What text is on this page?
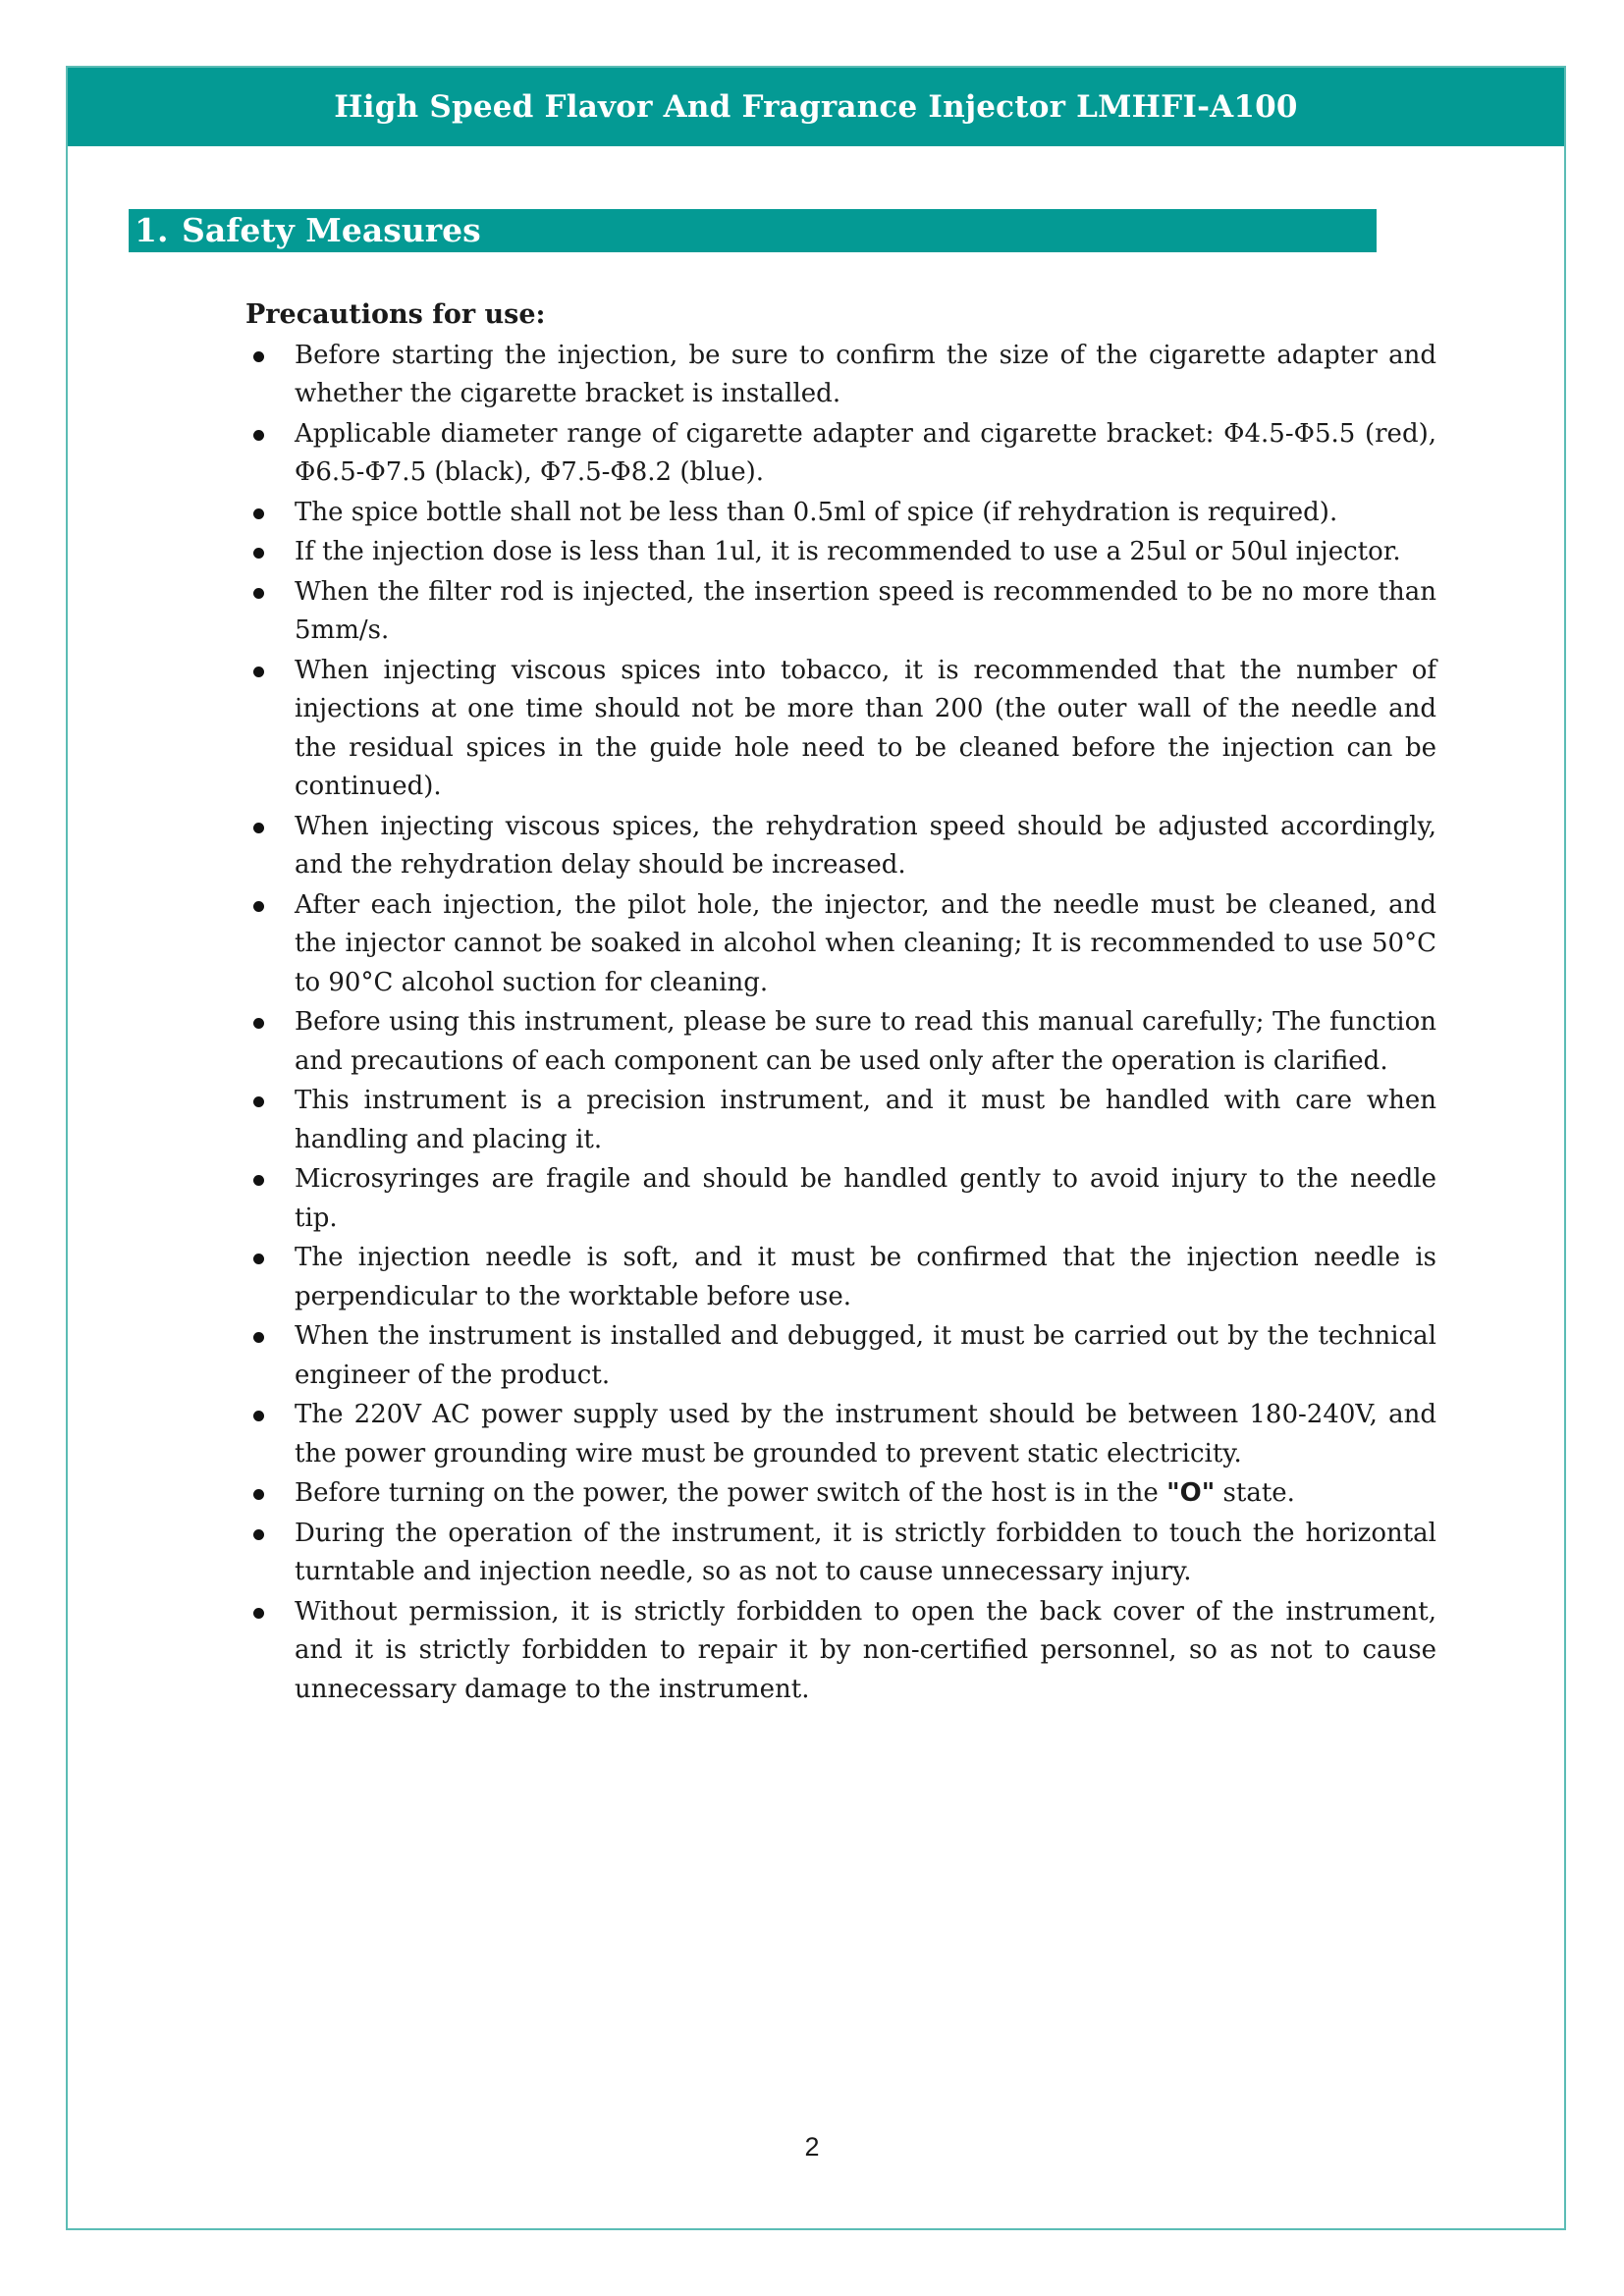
High Speed Flavor And Fragrance Injector LMHFI-A100
1. Safety Measures
Precautions for use:
Before starting the injection, be sure to confirm the size of the cigarette adapter and whether the cigarette bracket is installed.
Applicable diameter range of cigarette adapter and cigarette bracket: Φ4.5-Φ5.5 (red), Φ6.5-Φ7.5 (black), Φ7.5-Φ8.2 (blue).
The spice bottle shall not be less than 0.5ml of spice (if rehydration is required).
If the injection dose is less than 1ul, it is recommended to use a 25ul or 50ul injector.
When the filter rod is injected, the insertion speed is recommended to be no more than 5mm/s.
When injecting viscous spices into tobacco, it is recommended that the number of injections at one time should not be more than 200 (the outer wall of the needle and the residual spices in the guide hole need to be cleaned before the injection can be continued).
When injecting viscous spices, the rehydration speed should be adjusted accordingly, and the rehydration delay should be increased.
After each injection, the pilot hole, the injector, and the needle must be cleaned, and the injector cannot be soaked in alcohol when cleaning; It is recommended to use 50°C to 90°C alcohol suction for cleaning.
Before using this instrument, please be sure to read this manual carefully; The function and precautions of each component can be used only after the operation is clarified.
This instrument is a precision instrument, and it must be handled with care when handling and placing it.
Microsyringes are fragile and should be handled gently to avoid injury to the needle tip.
The injection needle is soft, and it must be confirmed that the injection needle is perpendicular to the worktable before use.
When the instrument is installed and debugged, it must be carried out by the technical engineer of the product.
The 220V AC power supply used by the instrument should be between 180-240V, and the power grounding wire must be grounded to prevent static electricity.
Before turning on the power, the power switch of the host is in the "O" state.
During the operation of the instrument, it is strictly forbidden to touch the horizontal turntable and injection needle, so as not to cause unnecessary injury.
Without permission, it is strictly forbidden to open the back cover of the instrument, and it is strictly forbidden to repair it by non-certified personnel, so as not to cause unnecessary damage to the instrument.
2
